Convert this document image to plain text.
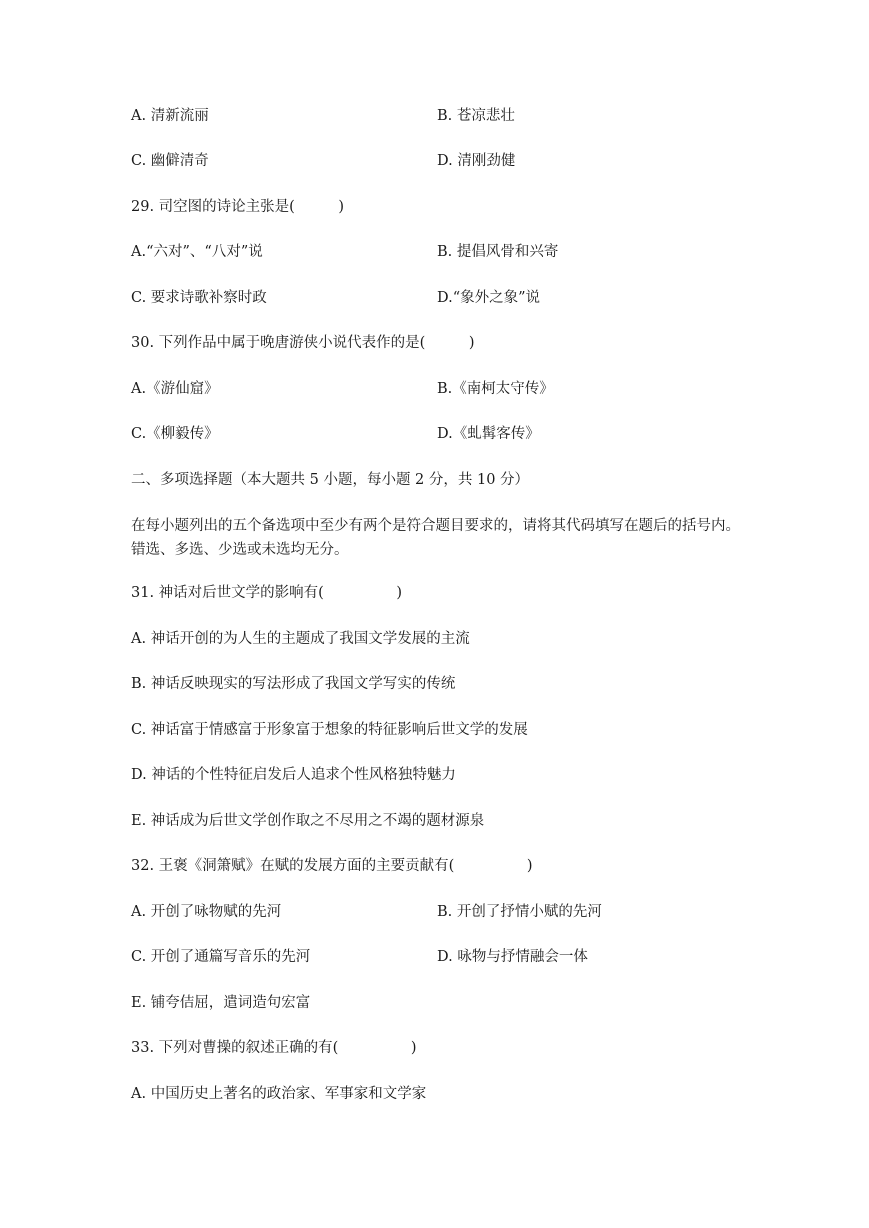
A. 清新流丽	B. 苍凉悲壮
C. 幽僻清奇	D. 清刚劲健
29. 司空图的诗论主张是(　　　)
A.“六对”、“八对”说	B. 提倡风骨和兴寄
C. 要求诗歌补察时政	D.“象外之象”说
30. 下列作品中属于晚唐游侠小说代表作的是(　　　)
A.《游仙窟》	B.《南柯太守传》
C.《柳毅传》	D.《虬髯客传》
二、多项选择题（本大题共 5 小题，每小题 2 分，共 10 分）
在每小题列出的五个备选项中至少有两个是符合题目要求的，请将其代码填写在题后的括号内。错选、多选、少选或未选均无分。
31. 神话对后世文学的影响有(　　　　　)
A. 神话开创的为人生的主题成了我国文学发展的主流
B. 神话反映现实的写法形成了我国文学写实的传统
C. 神话富于情感富于形象富于想象的特征影响后世文学的发展
D. 神话的个性特征启发后人追求个性风格独特魅力
E. 神话成为后世文学创作取之不尽用之不竭的题材源泉
32. 王褒《洞箫赋》在赋的发展方面的主要贡献有(　　　　　)
A. 开创了咏物赋的先河	B. 开创了抒情小赋的先河
C. 开创了通篇写音乐的先河	D. 咏物与抒情融会一体
E. 铺夸佶屈，遣词造句宏富
33. 下列对曹操的叙述正确的有(　　　　　)
A. 中国历史上著名的政治家、军事家和文学家
